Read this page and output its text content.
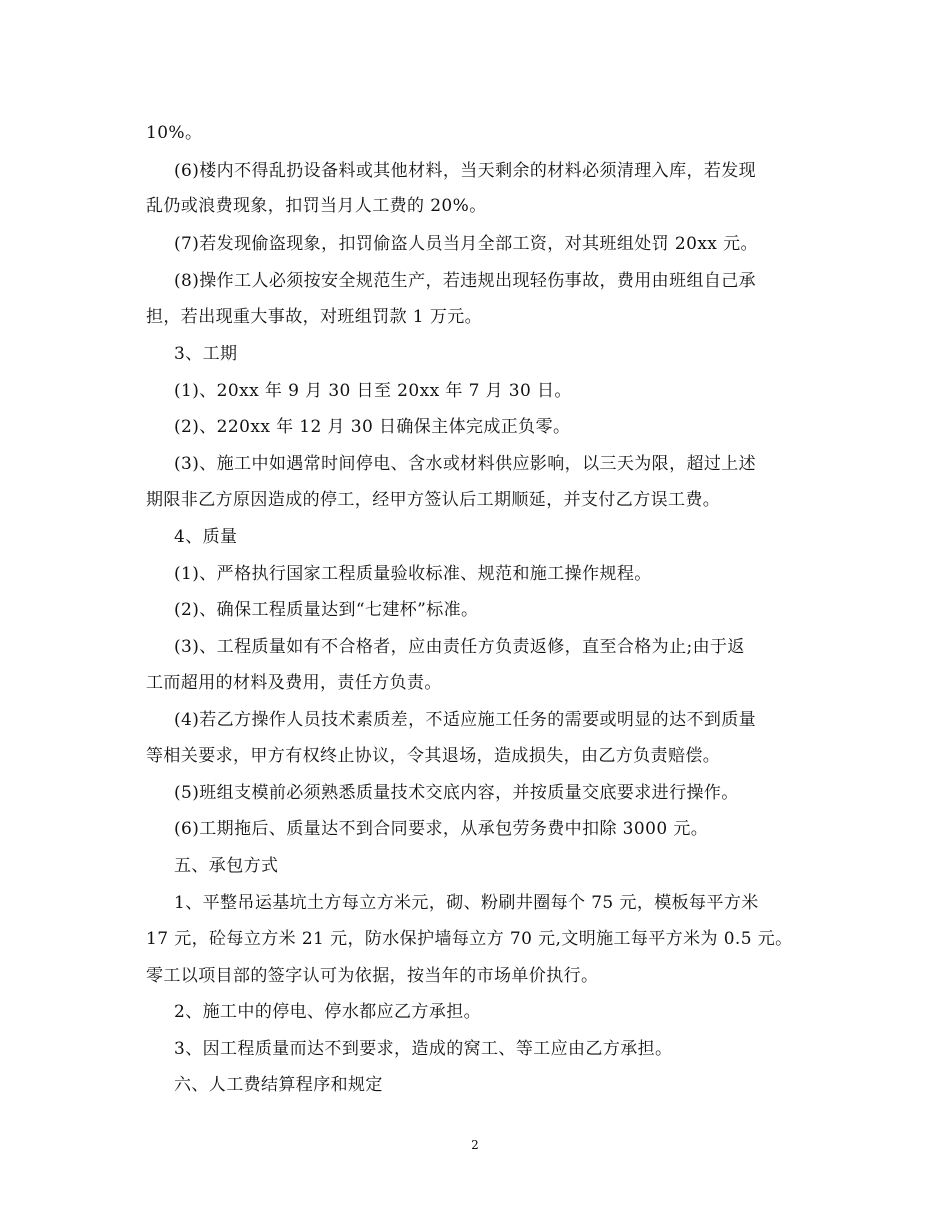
10%。
(6)楼内不得乱扔设备料或其他材料，当天剩余的材料必须清理入库，若发现
乱仍或浪费现象，扣罚当月人工费的 20%。
(7)若发现偷盗现象，扣罚偷盗人员当月全部工资，对其班组处罚 20xx 元。
(8)操作工人必须按安全规范生产，若违规出现轻伤事故，费用由班组自己承
担，若出现重大事故，对班组罚款 1 万元。
3、工期
(1)、20xx 年 9 月 30 日至 20xx 年 7 月 30 日。
(2)、220xx 年 12 月 30 日确保主体完成正负零。
(3)、施工中如遇常时间停电、含水或材料供应影响，以三天为限，超过上述
期限非乙方原因造成的停工，经甲方签认后工期顺延，并支付乙方误工费。
4、质量
(1)、严格执行国家工程质量验收标准、规范和施工操作规程。
(2)、确保工程质量达到“七建杯”标准。
(3)、工程质量如有不合格者，应由责任方负责返修，直至合格为止;由于返
工而超用的材料及费用，责任方负责。
(4)若乙方操作人员技术素质差，不适应施工任务的需要或明显的达不到质量
等相关要求，甲方有权终止协议，令其退场，造成损失，由乙方负责赔偿。
(5)班组支模前必须熟悉质量技术交底内容，并按质量交底要求进行操作。
(6)工期拖后、质量达不到合同要求，从承包劳务费中扣除 3000 元。
五、承包方式
1、平整吊运基坑土方每立方米元，砌、粉刷井圈每个 75 元，模板每平方米
17 元，砼每立方米 21 元，防水保护墙每立方 70 元,文明施工每平方米为 0.5 元。
零工以项目部的签字认可为依据，按当年的市场单价执行。
2、施工中的停电、停水都应乙方承担。
3、因工程质量而达不到要求，造成的窝工、等工应由乙方承担。
六、人工费结算程序和规定
2
